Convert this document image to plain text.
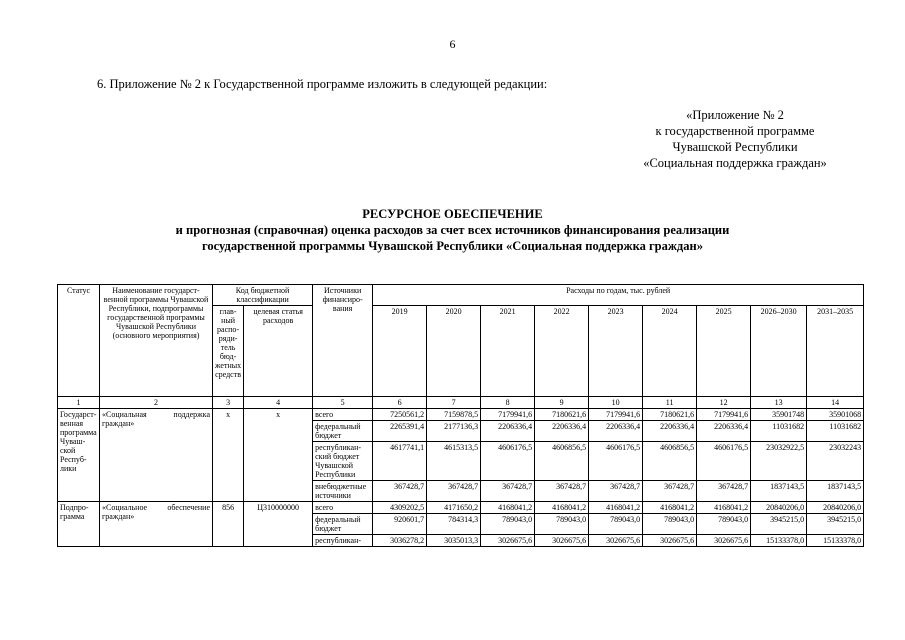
6
6. Приложение № 2 к Государственной программе изложить в следующей редакции:
«Приложение № 2
к государственной программе
Чувашской Республики
«Социальная поддержка граждан»
РЕСУРСНОЕ ОБЕСПЕЧЕНИЕ
и прогнозная (справочная) оценка расходов за счет всех источников финансирования реализации
государственной программы Чувашской Республики «Социальная поддержка граждан»
Статус	Наименование государственной программы Чувашской Республики, подпрограммы государственной программы Чувашской Республики (основного мероприятия)	Код бюджетной классификации		Источники финансирования	Расходы по годам, тыс. рублей								
		главный распорядитель бюджетных средств	целевая статья расходов		2019	2020	2021	2022	2023	2024	2025	2026–2030	2031–2035
1	2	3	4	5	6	7	8	9	10	11	12	13	14
Государственная программа Чувашской Республики	«Социальная поддержка граждан»	х	х	всего	7250561,2	7159878,5	7179941,6	7180621,6	7179941,6	7180621,6	7179941,6	35901748	35901068
				федеральный бюджет	2265391,4	2177136,3	2206336,4	2206336,4	2206336,4	2206336,4	2206336,4	11031682	11031682
				республиканский бюджет Чувашской Республики	4617741,1	4615313,5	4606176,5	4606856,5	4606176,5	4606856,5	4606176,5	23032922,5	23032243
				внебюджетные источники	367428,7	367428,7	367428,7	367428,7	367428,7	367428,7	367428,7	1837143,5	1837143,5
Подпрограмма	«Социальное обеспечение граждан»	856	Ц310000000	всего	4309202,5	4171650,2	4168041,2	4168041,2	4168041,2	4168041,2	4168041,2	20840206,0	20840206,0
				федеральный бюджет	920601,7	784314,3	789043,0	789043,0	789043,0	789043,0	789043,0	3945215,0	3945215,0
				республикан-	3036278,2	3035013,3	3026675,6	3026675,6	3026675,6	3026675,6	3026675,6	15133378,0	15133378,0
